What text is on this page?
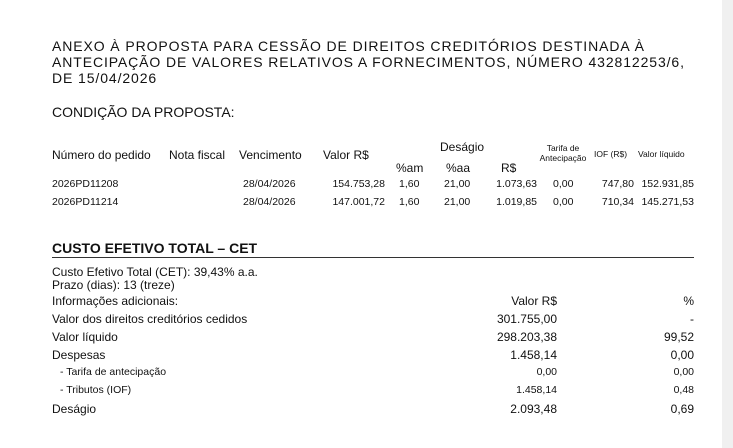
ANEXO À PROPOSTA PARA CESSÃO DE DIREITOS CREDITÓRIOS DESTINADA À ANTECIPAÇÃO DE VALORES RELATIVOS A FORNECIMENTOS, NÚMERO 432812253/6, DE 15/04/2026
CONDIÇÃO DA PROPOSTA:
Número do pedido Nota fiscal Vencimento Valor R$
Deságio
%am %aa	R$
Tarifa de
Antecipação IOF (R$) Valor líquido
2026PD11208	28/04/2026	154.753,28 1,60 21,00	1.073,63 0,00	747,80 152.931,85
2026PD11214	28/04/2026	147.001,72 1,60 21,00	1.019,85 0,00	710,34 145.271,53
CUSTO EFETIVO TOTAL – CET
Custo Efetivo Total (CET): 39,43% a.a.
Prazo (dias): 13 (treze)
Informações adicionais:	Valor R$	%
Valor dos direitos creditórios cedidos	301.755,00	-
Valor líquido	298.203,38	99,52
Despesas	1.458,14	0,00
- Tarifa de antecipação	0,00	0,00
- Tributos (IOF)	1.458,14	0,48
Deságio	2.093,48	0,69
